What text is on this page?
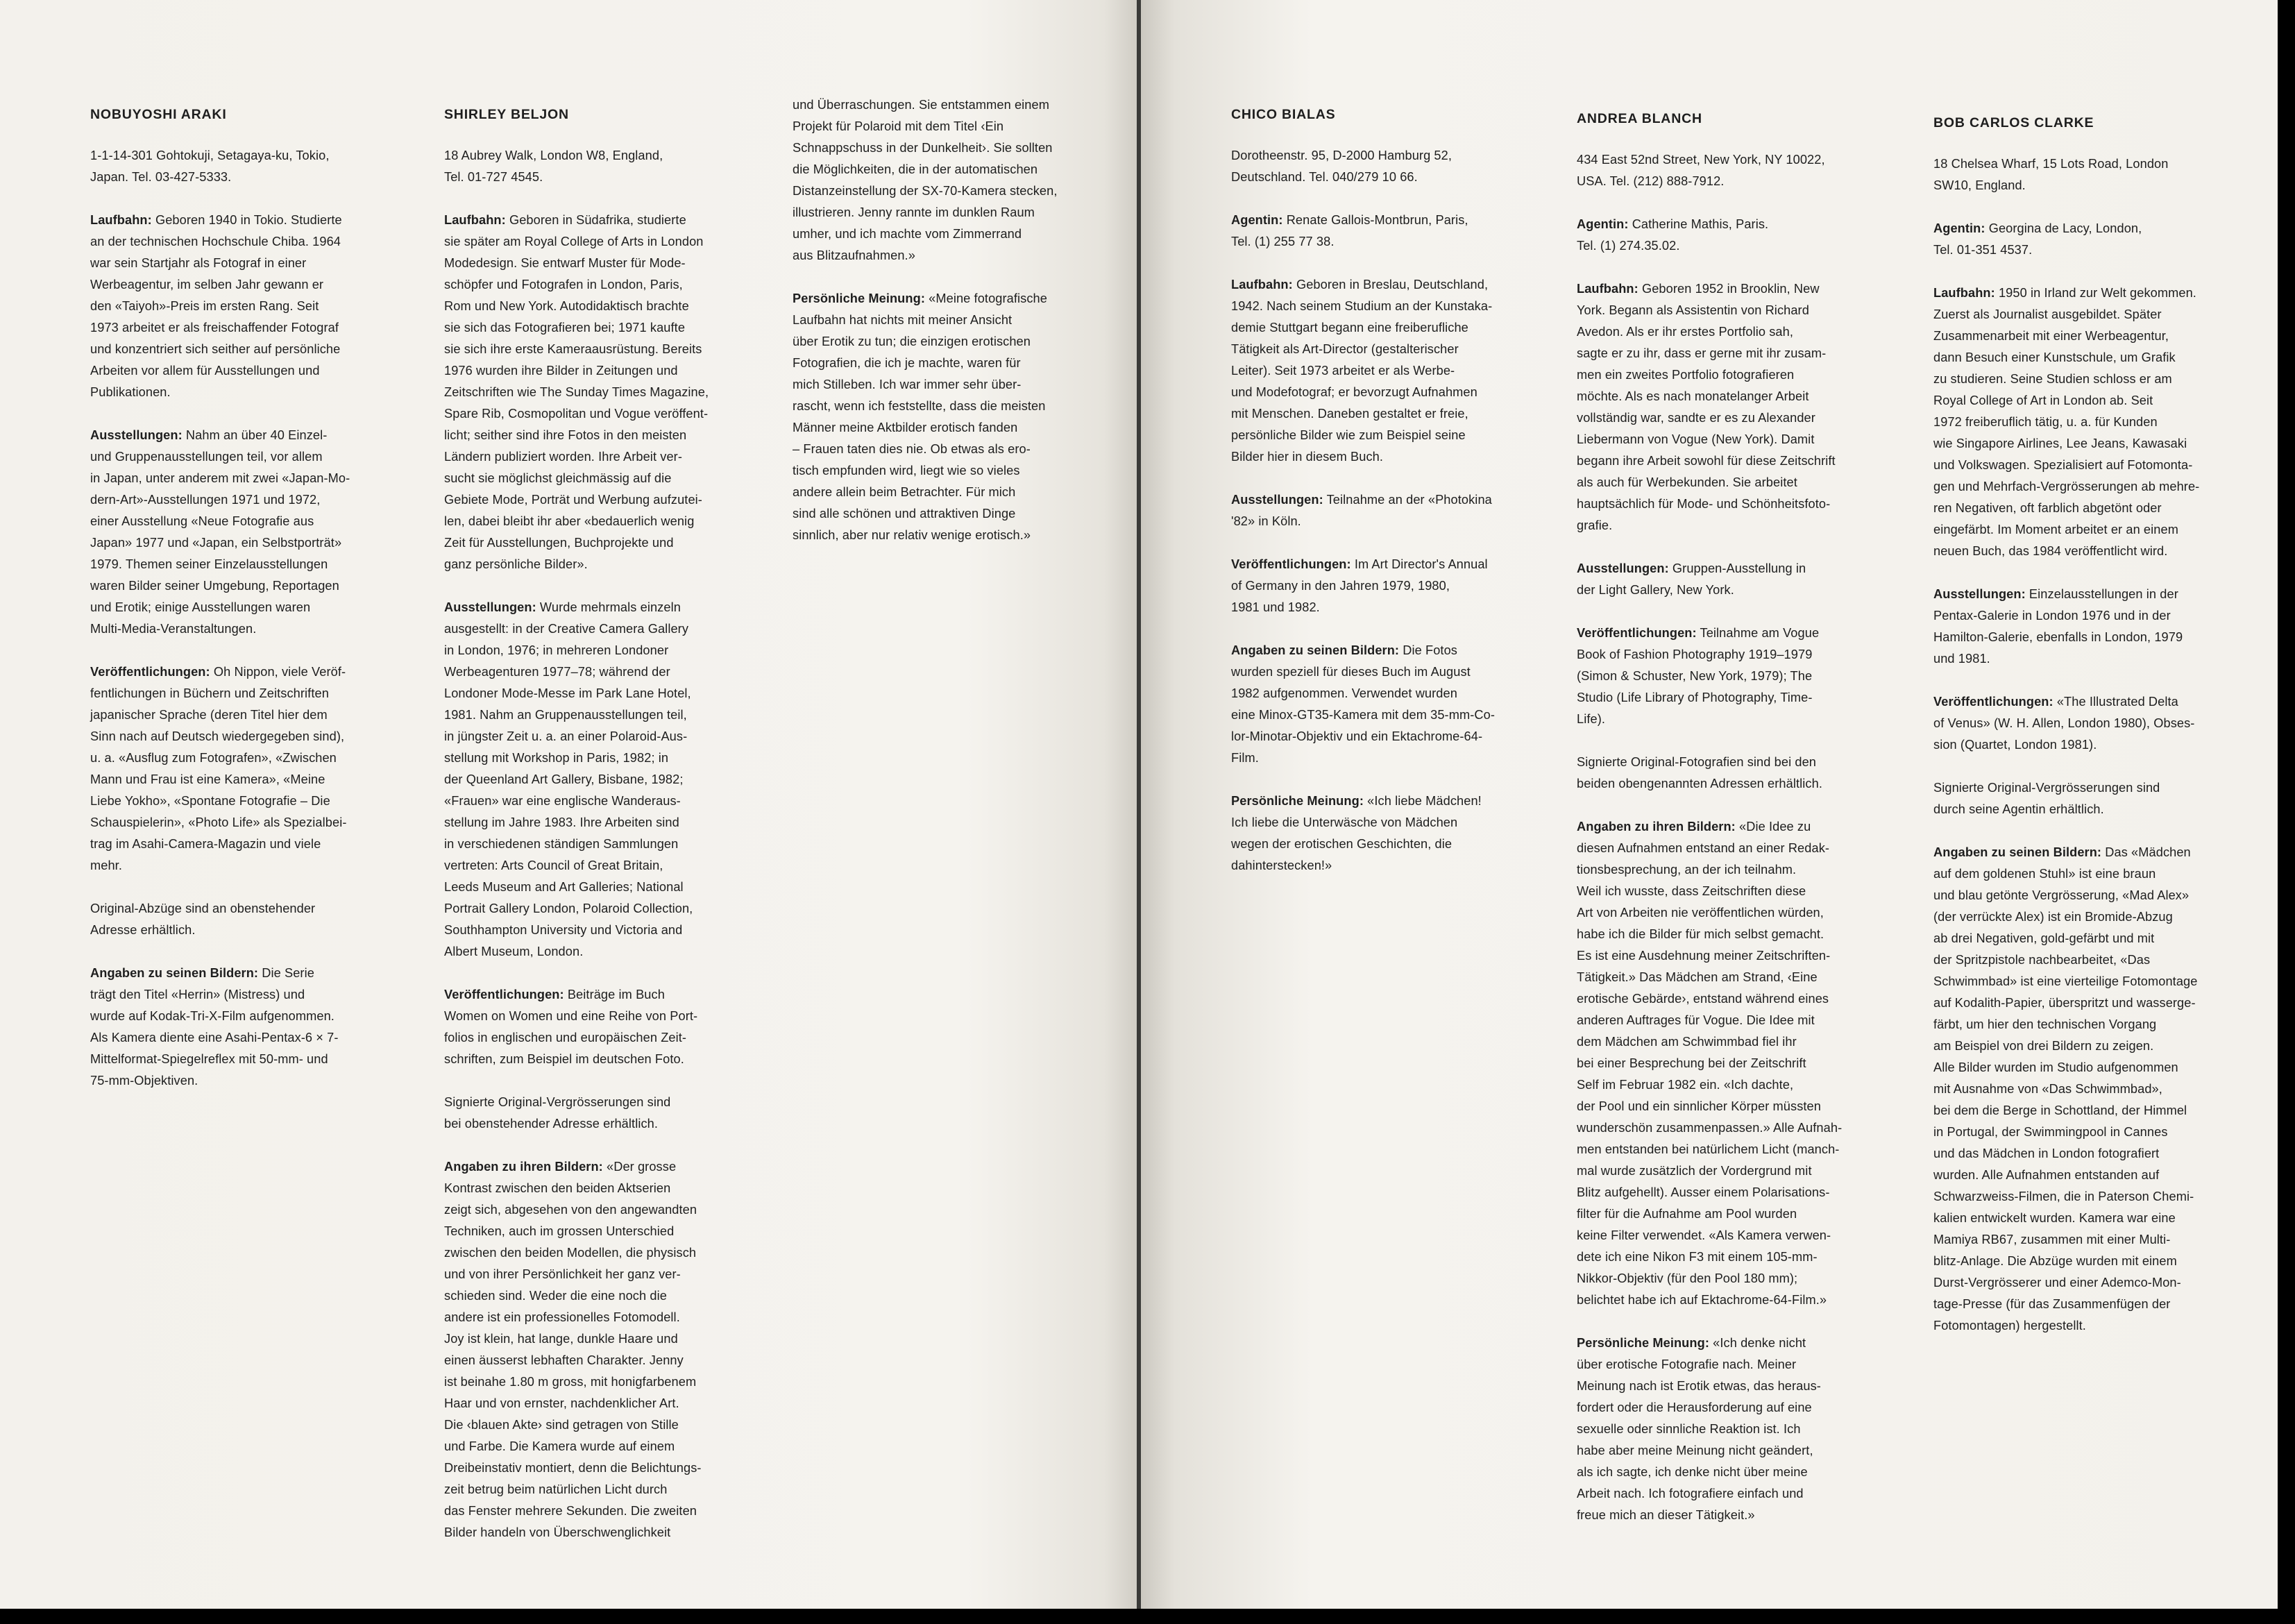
NOBUYOSHI ARAKI
1-1-14-301 Gohtokuji, Setagaya-ku, Tokio,
Japan. Tel. 03-427-5333.
Laufbahn: Geboren 1940 in Tokio. Studierte
an der technischen Hochschule Chiba. 1964
war sein Startjahr als Fotograf in einer
Werbeagentur, im selben Jahr gewann er
den «Taiyoh»-Preis im ersten Rang. Seit
1973 arbeitet er als freischaffender Fotograf
und konzentriert sich seither auf persönliche
Arbeiten vor allem für Ausstellungen und
Publikationen.
Ausstellungen: Nahm an über 40 Einzel-
und Gruppenausstellungen teil, vor allem
in Japan, unter anderem mit zwei «Japan-Mo-
dern-Art»-Ausstellungen 1971 und 1972,
einer Ausstellung «Neue Fotografie aus
Japan» 1977 und «Japan, ein Selbstporträt»
1979. Themen seiner Einzelausstellungen
waren Bilder seiner Umgebung, Reportagen
und Erotik; einige Ausstellungen waren
Multi-Media-Veranstaltungen.
Veröffentlichungen: Oh Nippon, viele Veröf-
fentlichungen in Büchern und Zeitschriften
japanischer Sprache (deren Titel hier dem
Sinn nach auf Deutsch wiedergegeben sind),
u. a. «Ausflug zum Fotografen», «Zwischen
Mann und Frau ist eine Kamera», «Meine
Liebe Yokho», «Spontane Fotografie – Die
Schauspielerin», «Photo Life» als Spezialbei-
trag im Asahi-Camera-Magazin und viele
mehr.
Original-Abzüge sind an obenstehender
Adresse erhältlich.
Angaben zu seinen Bildern: Die Serie
trägt den Titel «Herrin» (Mistress) und
wurde auf Kodak-Tri-X-Film aufgenommen.
Als Kamera diente eine Asahi-Pentax-6 × 7-
Mittelformat-Spiegelreflex mit 50-mm- und
75-mm-Objektiven.
SHIRLEY BELJON
18 Aubrey Walk, London W8, England,
Tel. 01-727 4545.
Laufbahn: Geboren in Südafrika, studierte
sie später am Royal College of Arts in London
Modedesign. Sie entwarf Muster für Mode-
schöpfer und Fotografen in London, Paris,
Rom und New York. Autodidaktisch brachte
sie sich das Fotografieren bei; 1971 kaufte
sie sich ihre erste Kameraausrüstung. Bereits
1976 wurden ihre Bilder in Zeitungen und
Zeitschriften wie The Sunday Times Magazine,
Spare Rib, Cosmopolitan und Vogue veröffent-
licht; seither sind ihre Fotos in den meisten
Ländern publiziert worden. Ihre Arbeit ver-
sucht sie möglichst gleichmässig auf die
Gebiete Mode, Porträt und Werbung aufzutei-
len, dabei bleibt ihr aber «bedauerlich wenig
Zeit für Ausstellungen, Buchprojekte und
ganz persönliche Bilder».
Ausstellungen: Wurde mehrmals einzeln
ausgestellt: in der Creative Camera Gallery
in London, 1976; in mehreren Londoner
Werbeagenturen 1977–78; während der
Londoner Mode-Messe im Park Lane Hotel,
1981. Nahm an Gruppenausstellungen teil,
in jüngster Zeit u. a. an einer Polaroid-Aus-
stellung mit Workshop in Paris, 1982; in
der Queenland Art Gallery, Bisbane, 1982;
«Frauen» war eine englische Wanderaus-
stellung im Jahre 1983. Ihre Arbeiten sind
in verschiedenen ständigen Sammlungen
vertreten: Arts Council of Great Britain,
Leeds Museum and Art Galleries; National
Portrait Gallery London, Polaroid Collection,
Southhampton University und Victoria and
Albert Museum, London.
Veröffentlichungen: Beiträge im Buch
Women on Women und eine Reihe von Port-
folios in englischen und europäischen Zeit-
schriften, zum Beispiel im deutschen Foto.
Signierte Original-Vergrösserungen sind
bei obenstehender Adresse erhältlich.
Angaben zu ihren Bildern: «Der grosse
Kontrast zwischen den beiden Aktserien
zeigt sich, abgesehen von den angewandten
Techniken, auch im grossen Unterschied
zwischen den beiden Modellen, die physisch
und von ihrer Persönlichkeit her ganz ver-
schieden sind. Weder die eine noch die
andere ist ein professionelles Fotomodell.
Joy ist klein, hat lange, dunkle Haare und
einen äusserst lebhaften Charakter. Jenny
ist beinahe 1.80 m gross, mit honigfarbenem
Haar und von ernster, nachdenklicher Art.
Die ‹blauen Akte› sind getragen von Stille
und Farbe. Die Kamera wurde auf einem
Dreibeinstativ montiert, denn die Belichtungs-
zeit betrug beim natürlichen Licht durch
das Fenster mehrere Sekunden. Die zweiten
Bilder handeln von Überschwenglichkeit
und Überraschungen. Sie entstammen einem
Projekt für Polaroid mit dem Titel ‹Ein
Schnappschuss in der Dunkelheit›. Sie sollten
die Möglichkeiten, die in der automatischen
Distanzeinstellung der SX-70-Kamera stecken,
illustrieren. Jenny rannte im dunklen Raum
umher, und ich machte vom Zimmerrand
aus Blitzaufnahmen.»
Persönliche Meinung: «Meine fotografische
Laufbahn hat nichts mit meiner Ansicht
über Erotik zu tun; die einzigen erotischen
Fotografien, die ich je machte, waren für
mich Stilleben. Ich war immer sehr über-
rascht, wenn ich feststellte, dass die meisten
Männer meine Aktbilder erotisch fanden
– Frauen taten dies nie. Ob etwas als ero-
tisch empfunden wird, liegt wie so vieles
andere allein beim Betrachter. Für mich
sind alle schönen und attraktiven Dinge
sinnlich, aber nur relativ wenige erotisch.»
CHICO BIALAS
Dorotheenstr. 95, D-2000 Hamburg 52,
Deutschland. Tel. 040/279 10 66.
Agentin: Renate Gallois-Montbrun, Paris,
Tel. (1) 255 77 38.
Laufbahn: Geboren in Breslau, Deutschland,
1942. Nach seinem Studium an der Kunstaka-
demie Stuttgart begann eine freiberufliche
Tätigkeit als Art-Director (gestalterischer
Leiter). Seit 1973 arbeitet er als Werbe-
und Modefotograf; er bevorzugt Aufnahmen
mit Menschen. Daneben gestaltet er freie,
persönliche Bilder wie zum Beispiel seine
Bilder hier in diesem Buch.
Ausstellungen: Teilnahme an der «Photokina
'82» in Köln.
Veröffentlichungen: Im Art Director's Annual
of Germany in den Jahren 1979, 1980,
1981 und 1982.
Angaben zu seinen Bildern: Die Fotos
wurden speziell für dieses Buch im August
1982 aufgenommen. Verwendet wurden
eine Minox-GT35-Kamera mit dem 35-mm-Co-
lor-Minotar-Objektiv und ein Ektachrome-64-
Film.
Persönliche Meinung: «Ich liebe Mädchen!
Ich liebe die Unterwäsche von Mädchen
wegen der erotischen Geschichten, die
dahinterstecken!»
ANDREA BLANCH
434 East 52nd Street, New York, NY 10022,
USA. Tel. (212) 888-7912.
Agentin: Catherine Mathis, Paris.
Tel. (1) 274.35.02.
Laufbahn: Geboren 1952 in Brooklin, New
York. Begann als Assistentin von Richard
Avedon. Als er ihr erstes Portfolio sah,
sagte er zu ihr, dass er gerne mit ihr zusam-
men ein zweites Portfolio fotografieren
möchte. Als es nach monatelanger Arbeit
vollständig war, sandte er es zu Alexander
Liebermann von Vogue (New York). Damit
begann ihre Arbeit sowohl für diese Zeitschrift
als auch für Werbekunden. Sie arbeitet
hauptsächlich für Mode- und Schönheitsfoto-
grafie.
Ausstellungen: Gruppen-Ausstellung in
der Light Gallery, New York.
Veröffentlichungen: Teilnahme am Vogue
Book of Fashion Photography 1919–1979
(Simon & Schuster, New York, 1979); The
Studio (Life Library of Photography, Time-
Life).
Signierte Original-Fotografien sind bei den
beiden obengenannten Adressen erhältlich.
Angaben zu ihren Bildern: «Die Idee zu
diesen Aufnahmen entstand an einer Redak-
tionsbesprechung, an der ich teilnahm.
Weil ich wusste, dass Zeitschriften diese
Art von Arbeiten nie veröffentlichen würden,
habe ich die Bilder für mich selbst gemacht.
Es ist eine Ausdehnung meiner Zeitschriften-
Tätigkeit.» Das Mädchen am Strand, ‹Eine
erotische Gebärde›, entstand während eines
anderen Auftrages für Vogue. Die Idee mit
dem Mädchen am Schwimmbad fiel ihr
bei einer Besprechung bei der Zeitschrift
Self im Februar 1982 ein. «Ich dachte,
der Pool und ein sinnlicher Körper müssten
wunderschön zusammenpassen.» Alle Aufnah-
men entstanden bei natürlichem Licht (manch-
mal wurde zusätzlich der Vordergrund mit
Blitz aufgehellt). Ausser einem Polarisations-
filter für die Aufnahme am Pool wurden
keine Filter verwendet. «Als Kamera verwen-
dete ich eine Nikon F3 mit einem 105-mm-
Nikkor-Objektiv (für den Pool 180 mm);
belichtet habe ich auf Ektachrome-64-Film.»
Persönliche Meinung: «Ich denke nicht
über erotische Fotografie nach. Meiner
Meinung nach ist Erotik etwas, das heraus-
fordert oder die Herausforderung auf eine
sexuelle oder sinnliche Reaktion ist. Ich
habe aber meine Meinung nicht geändert,
als ich sagte, ich denke nicht über meine
Arbeit nach. Ich fotografiere einfach und
freue mich an dieser Tätigkeit.»
BOB CARLOS CLARKE
18 Chelsea Wharf, 15 Lots Road, London
SW10, England.
Agentin: Georgina de Lacy, London,
Tel. 01-351 4537.
Laufbahn: 1950 in Irland zur Welt gekommen.
Zuerst als Journalist ausgebildet. Später
Zusammenarbeit mit einer Werbeagentur,
dann Besuch einer Kunstschule, um Grafik
zu studieren. Seine Studien schloss er am
Royal College of Art in London ab. Seit
1972 freiberuflich tätig, u. a. für Kunden
wie Singapore Airlines, Lee Jeans, Kawasaki
und Volkswagen. Spezialisiert auf Fotomonta-
gen und Mehrfach-Vergrösserungen ab mehre-
ren Negativen, oft farblich abgetönt oder
eingefärbt. Im Moment arbeitet er an einem
neuen Buch, das 1984 veröffentlicht wird.
Ausstellungen: Einzelausstellungen in der
Pentax-Galerie in London 1976 und in der
Hamilton-Galerie, ebenfalls in London, 1979
und 1981.
Veröffentlichungen: «The Illustrated Delta
of Venus» (W. H. Allen, London 1980), Obses-
sion (Quartet, London 1981).
Signierte Original-Vergrösserungen sind
durch seine Agentin erhältlich.
Angaben zu seinen Bildern: Das «Mädchen
auf dem goldenen Stuhl» ist eine braun
und blau getönte Vergrösserung, «Mad Alex»
(der verrückte Alex) ist ein Bromide-Abzug
ab drei Negativen, gold-gefärbt und mit
der Spritzpistole nachbearbeitet, «Das
Schwimmbad» ist eine vierteilige Fotomontage
auf Kodalith-Papier, überspritzt und wasserge-
färbt, um hier den technischen Vorgang
am Beispiel von drei Bildern zu zeigen.
Alle Bilder wurden im Studio aufgenommen
mit Ausnahme von «Das Schwimmbad»,
bei dem die Berge in Schottland, der Himmel
in Portugal, der Swimmingpool in Cannes
und das Mädchen in London fotografiert
wurden. Alle Aufnahmen entstanden auf
Schwarzweiss-Filmen, die in Paterson Chemi-
kalien entwickelt wurden. Kamera war eine
Mamiya RB67, zusammen mit einer Multi-
blitz-Anlage. Die Abzüge wurden mit einem
Durst-Vergrösserer und einer Ademco-Mon-
tage-Presse (für das Zusammenfügen der
Fotomontagen) hergestellt.
